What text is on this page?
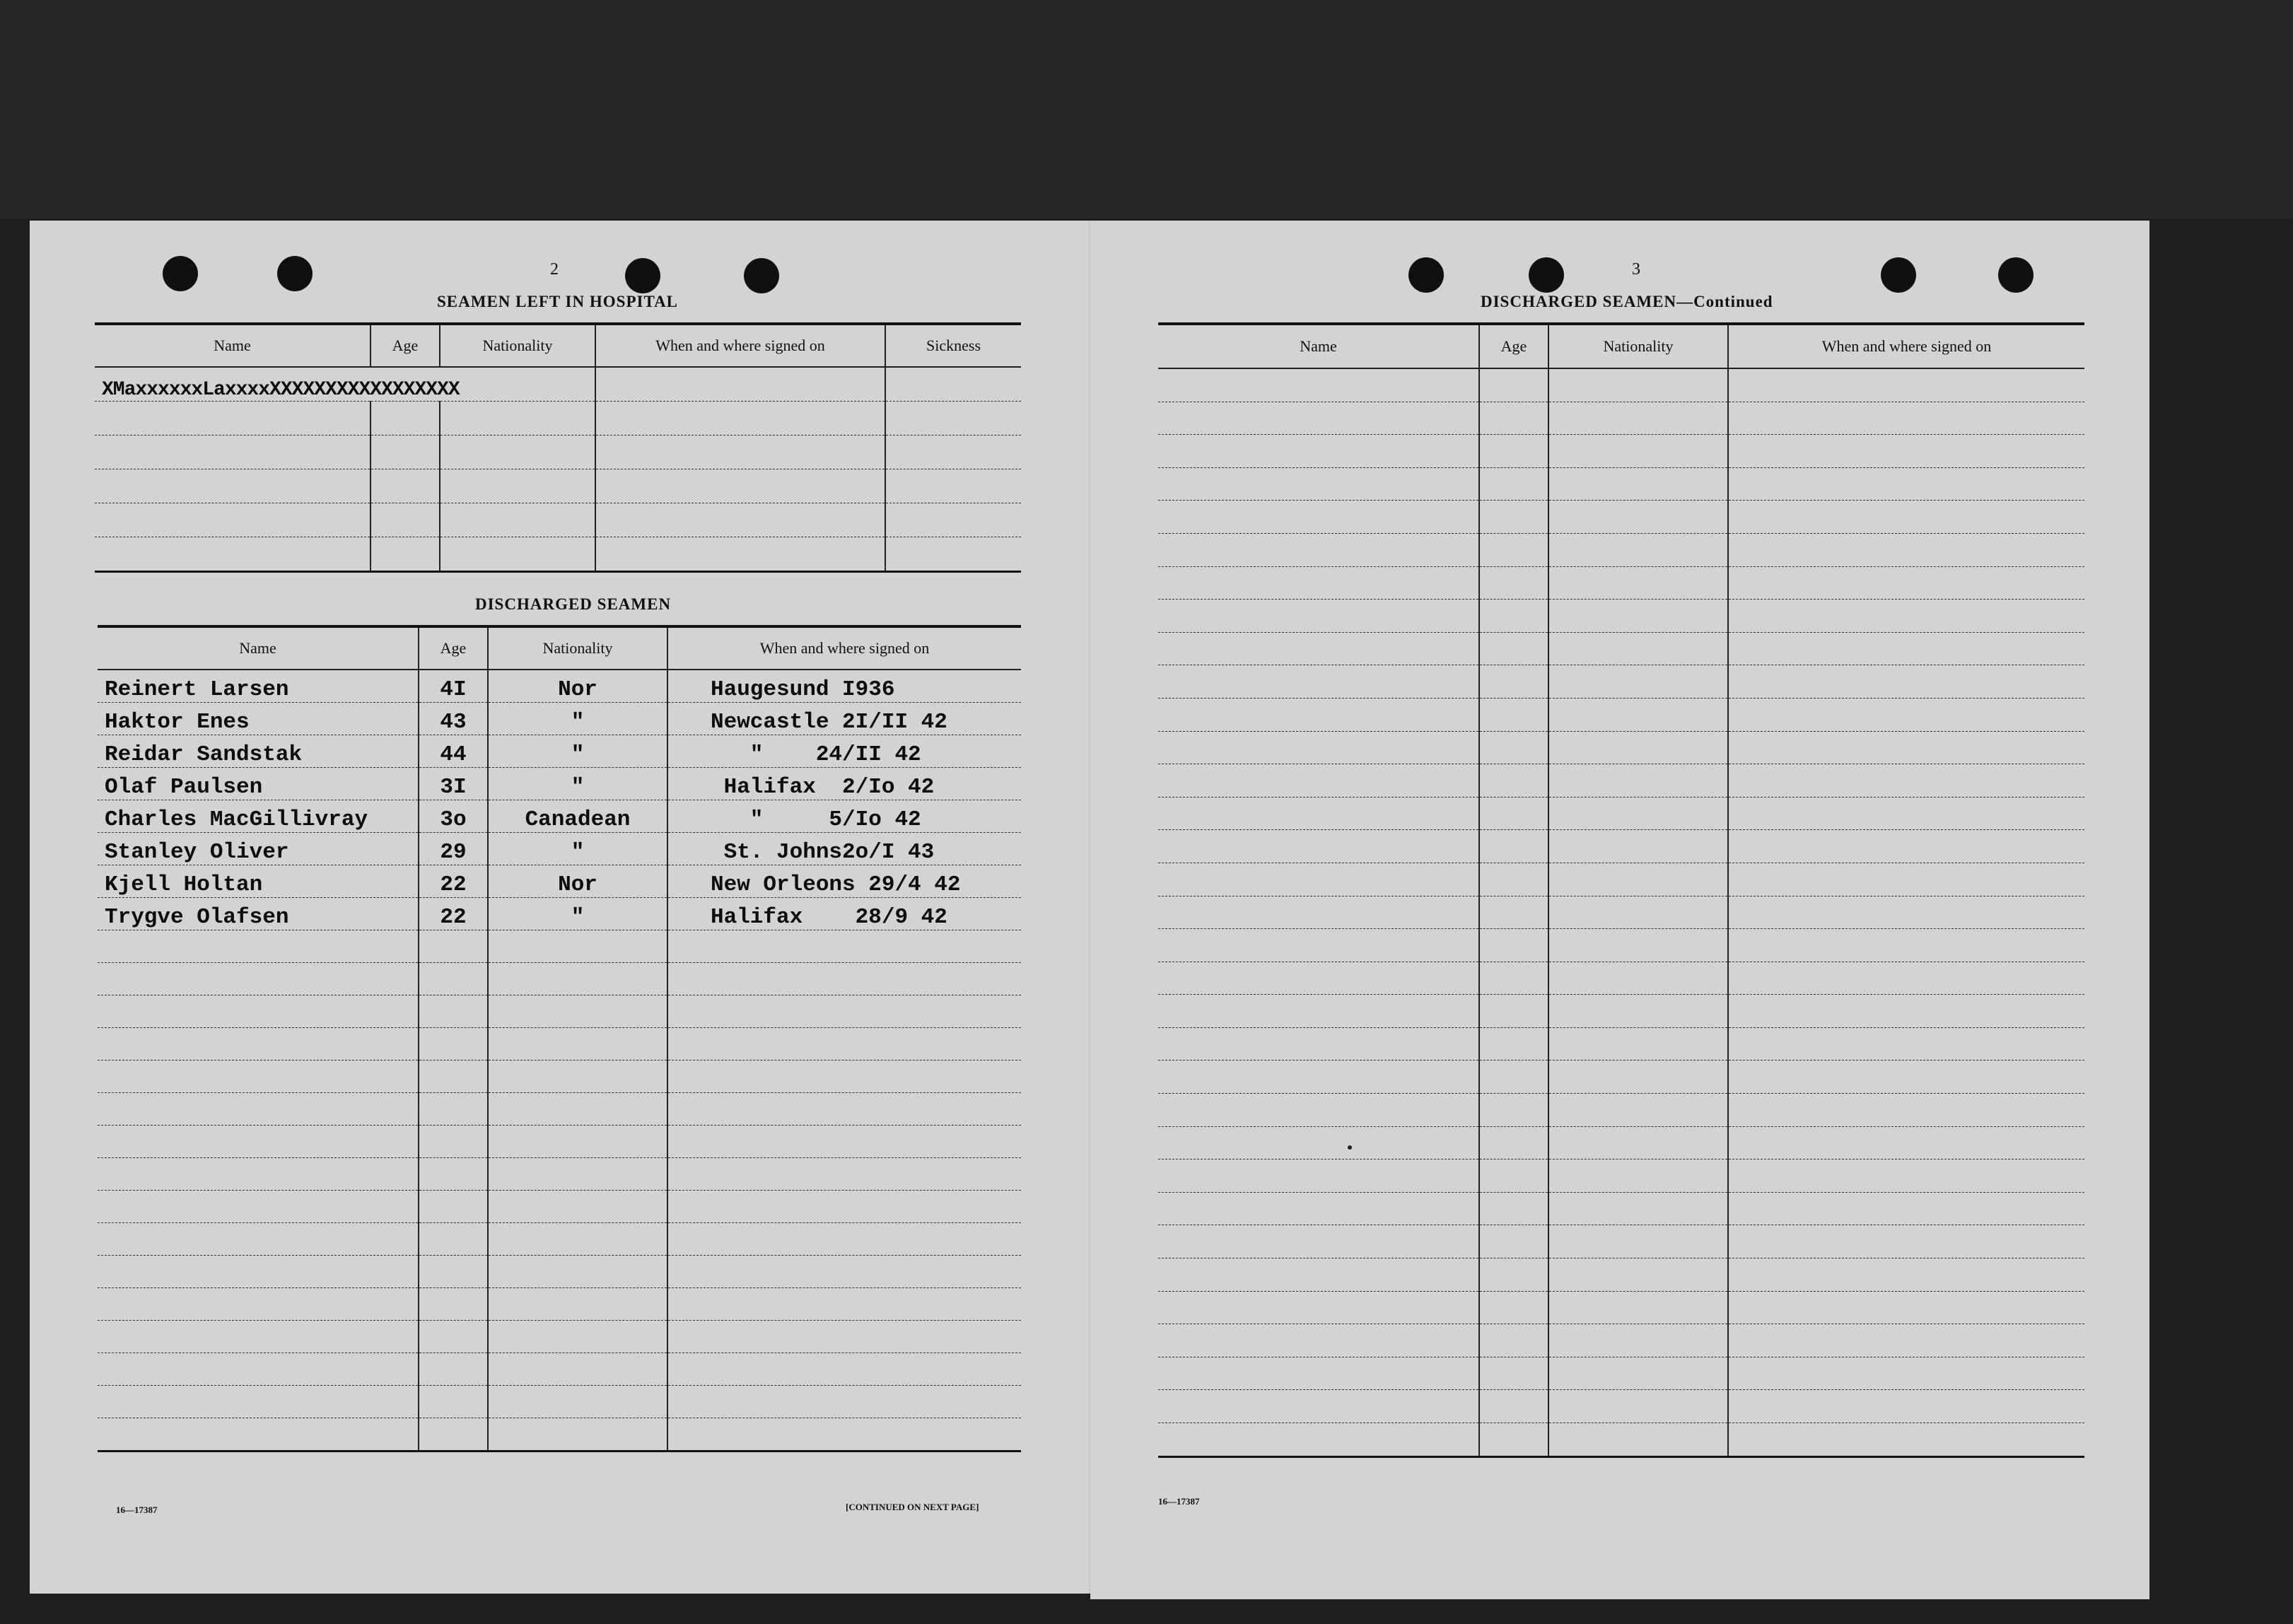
2
SEAMEN LEFT IN HOSPITAL
Name	Age	Nationality	When and where signed on	Sickness
XMaxxxxxxLaxxxxXXXXXXXXXXXXXXXXX				

DISCHARGED SEAMEN
Name	Age	Nationality	When and where signed on
Reinert Larsen	4I	Nor	Haugesund I936
Haktor Enes	43	"	Newcastle 2I/II 42
Reidar Sandstak	44	"	"    24/II 42
Olaf Paulsen	3I	"	Halifax  2/Io 42
Charles MacGillivray	3o	Canadean	"     5/Io 42
Stanley Oliver	29	"	St. Johns2o/I 43
Kjell Holtan	22	Nor	New Orleons 29/4 42
Trygve Olafsen	22	"	Halifax    28/9 42

16—17387	[CONTINUED ON NEXT PAGE]
3
DISCHARGED SEAMEN—Continued
Name	Age	Nationality	When and where signed on

16—17387
